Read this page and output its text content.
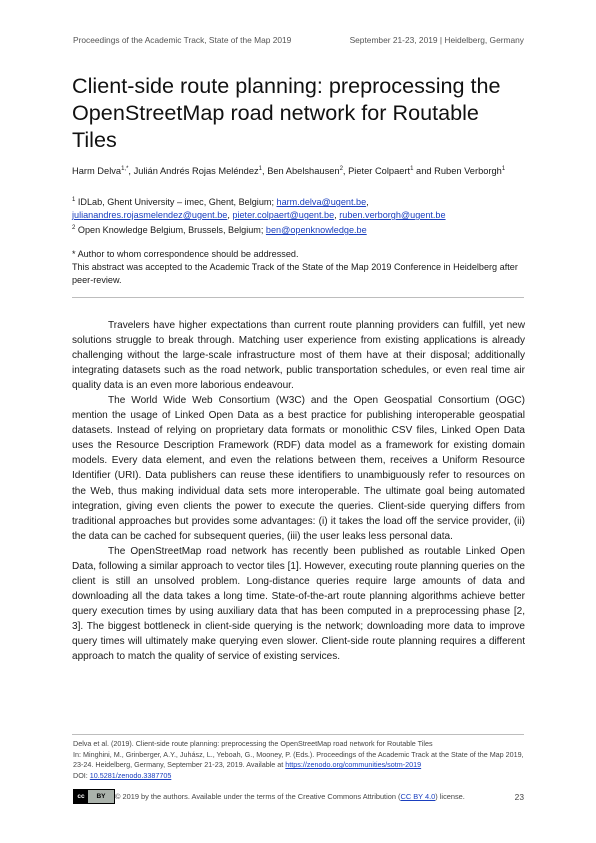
Proceedings of the Academic Track, State of the Map 2019	September 21-23, 2019 | Heidelberg, Germany
Client-side route planning: preprocessing the OpenStreetMap road network for Routable Tiles
Harm Delva$^{1,*}$, Julián Andrés Rojas Meléndez$^1$, Ben Abelshausen$^2$, Pieter Colpaert$^1$ and Ruben Verborgh$^1$
$^1$ IDLab, Ghent University – imec, Ghent, Belgium; harm.delva@ugent.be,
julianandres.rojasmelendez@ugent.be, pieter.colpaert@ugent.be, ruben.verborgh@ugent.be
$^2$ Open Knowledge Belgium, Brussels, Belgium; ben@openknowledge.be
* Author to whom correspondence should be addressed.
This abstract was accepted to the Academic Track of the State of the Map 2019 Conference in Heidelberg after peer-review.

Travelers have higher expectations than current route planning providers can fulfill, yet new solutions struggle to break through. Matching user experience from existing applications is already challenging without the large-scale infrastructure most of them have at their disposal; additionally integrating datasets such as the road network, public transportation schedules, or even real time air quality data is an even more laborious endeavour.

The World Wide Web Consortium (W3C) and the Open Geospatial Consortium (OGC) mention the usage of Linked Open Data as a best practice for publishing interoperable geospatial datasets. Instead of relying on proprietary data formats or monolithic CSV files, Linked Open Data uses the Resource Description Framework (RDF) data model as a framework for existing domain models. Every data element, and even the relations between them, receives a Uniform Resource Identifier (URI). Data publishers can reuse these identifiers to unambiguously refer to resources on the Web, thus making individual data sets more interoperable. The ultimate goal being automated integration, giving even clients the power to execute the queries. Client-side querying differs from traditional approaches but provides some advantages: (i) it takes the load off the service provider, (ii) the data can be cached for subsequent queries, (iii) the user leaks less personal data.

The OpenStreetMap road network has recently been published as routable Linked Open Data, following a similar approach to vector tiles [1]. However, executing route planning queries on the client is still an unsolved problem. Long-distance queries require large amounts of data and downloading all the data takes a long time. State-of-the-art route planning algorithms achieve better query execution times by using auxiliary data that has been computed in a preprocessing phase [2, 3]. The biggest bottleneck in client-side querying is the network; downloading more data to improve query times will ultimately make querying even slower. Client-side route planning requires a different approach to match the quality of service of existing services.

Delva et al. (2019). Client-side route planning: preprocessing the OpenStreetMap road network for Routable Tiles
In: Minghini, M., Grinberger, A.Y., Juhász, L., Yeboah, G., Mooney, P. (Eds.). Proceedings of the Academic Track at the State of the Map 2019, 23-24. Heidelberg, Germany, September 21-23, 2019. Available at https://zenodo.org/communities/sotm-2019
DOI: 10.5281/zenodo.3387705
cc	BY	© 2019 by the authors. Available under the terms of the Creative Commons Attribution (CC BY 4.0) license.	23
